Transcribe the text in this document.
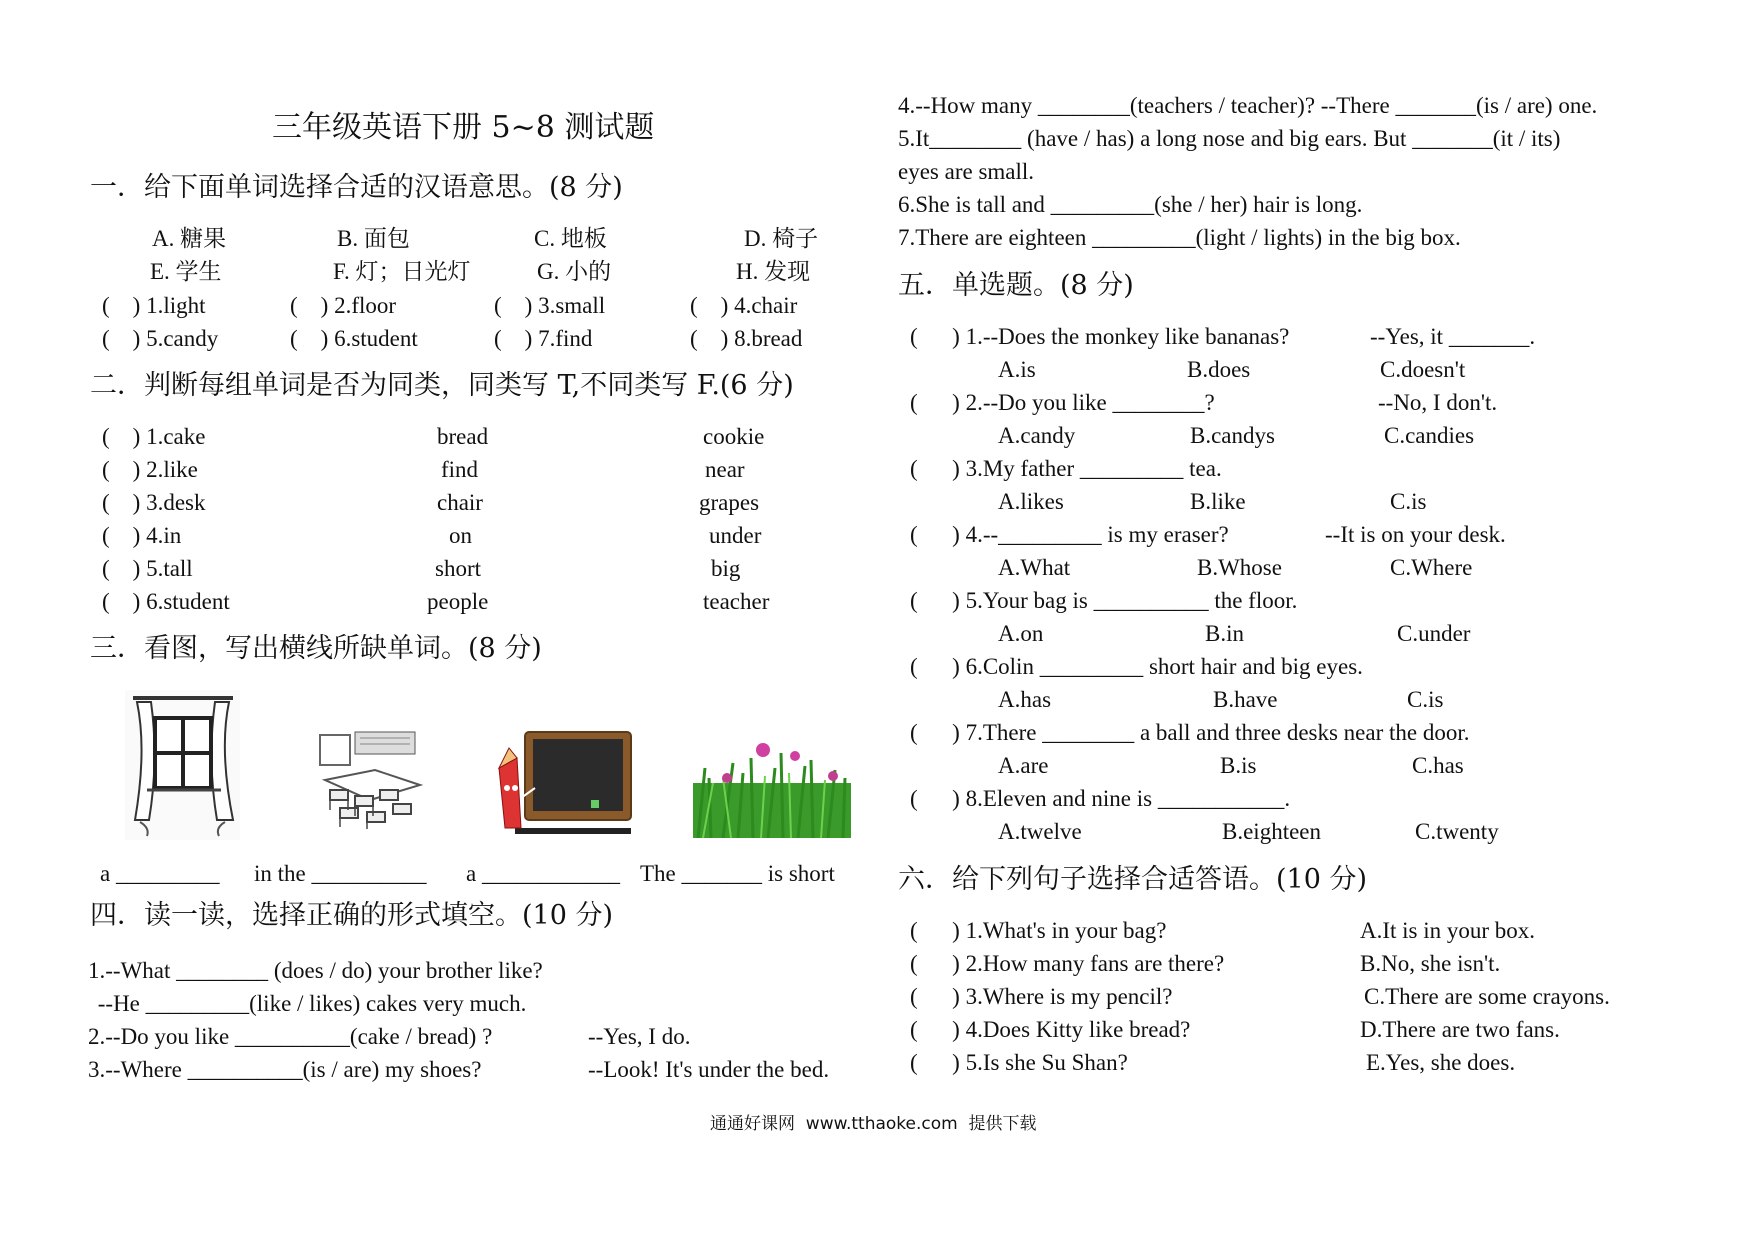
三年级英语下册 5~8 测试题
一．给下面单词选择合适的汉语意思。(8 分)
A. 糖果	B. 面包	C. 地板	D. 椅子
E. 学生	F. 灯；日光灯	G. 小的	H. 发现
(    ) 1.light	(    ) 2.floor	(    ) 3.small	(    ) 4.chair
(    ) 5.candy	(    ) 6.student	(    ) 7.find	(    ) 8.bread
二．判断每组单词是否为同类，同类写 T,不同类写 F.(6 分)
(    ) 1.cake	bread	cookie
(    ) 2.like	find	near
(    ) 3.desk	chair	grapes
(    ) 4.in	on	under
(    ) 5.tall	short	big
(    ) 6.student	people	teacher
三．看图，写出横线所缺单词。(8 分)
a _________ in the __________ a ____________ The _______ is short
四．读一读，选择正确的形式填空。(10 分)
1.--What ________ (does / do) your brother like?
--He _________(like / likes) cakes very much.
2.--Do you like __________(cake / bread) ?	--Yes, I do.
3.--Where __________(is / are) my shoes?	--Look! It's under the bed.
4.--How many ________(teachers / teacher)? --There _______(is / are) one.
5.It________ (have / has) a long nose and big ears. But _______(it / its)
eyes are small.
6.She is tall and _________(she / her) hair is long.
7.There are eighteen _________(light / lights) in the big box.
五．单选题。(8 分)
(      ) 1.--Does the monkey like bananas?	--Yes, it _______.
A.is	B.does	C.doesn't
(      ) 2.--Do you like ________?	--No, I don't.
A.candy	B.candys	C.candies
(      ) 3.My father _________ tea.
A.likes	B.like	C.is
(      ) 4.--_________ is my eraser?	--It is on your desk.
A.What	B.Whose	C.Where
(      ) 5.Your bag is __________ the floor.
A.on	B.in	C.under
(      ) 6.Colin _________ short hair and big eyes.
A.has	B.have	C.is
(      ) 7.There ________ a ball and three desks near the door.
A.are	B.is	C.has
(      ) 8.Eleven and nine is ___________.
A.twelve	B.eighteen	C.twenty
六．给下列句子选择合适答语。(10 分)
(      ) 1.What's in your bag?	A.It is in your box.
(      ) 2.How many fans are there?	B.No, she isn't.
(      ) 3.Where is my pencil?	C.There are some crayons.
(      ) 4.Does Kitty like bread?	D.There are two fans.
(      ) 5.Is she Su Shan?	E.Yes, she does.
通通好课网  www.tthaoke.com  提供下载
